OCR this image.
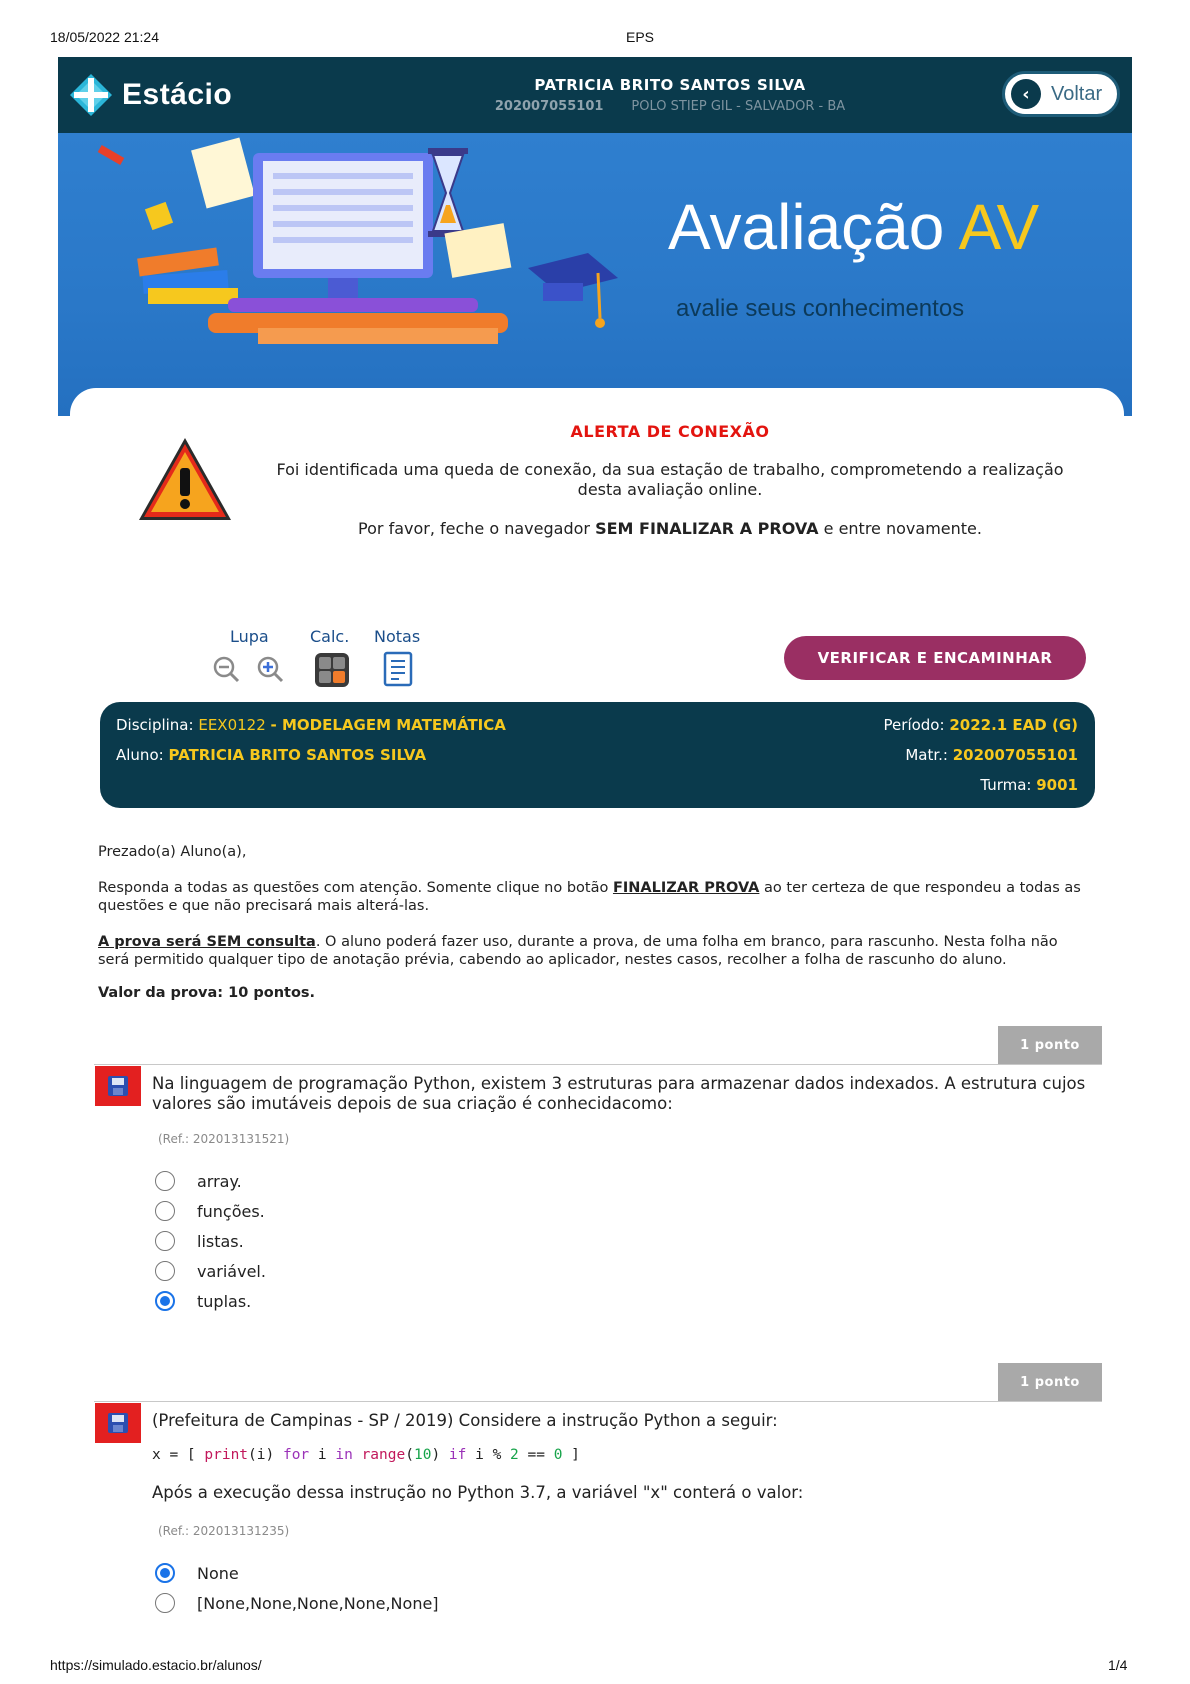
18/05/2022 21:24	EPS
https://simulado.estacio.br/alunos/	1/4
Estácio	PATRICIA BRITO SANTOS SILVA
202007055101 POLO STIEP GIL - SALVADOR - BA
‹	Voltar
Avaliação AV
avalie seus conhecimentos
ALERTA DE CONEXÃO
Foi identificada uma queda de conexão, da sua estação de trabalho, comprometendo a realização desta avaliação online.
Por favor, feche o navegador SEM FINALIZAR A PROVA e entre novamente.
Lupa	Calc. Notas
VERIFICAR E ENCAMINHAR
Disciplina: EEX0122 - MODELAGEM MATEMÁTICA
Aluno: PATRICIA BRITO SANTOS SILVA
Período: 2022.1 EAD (G)
Matr.: 202007055101
Turma: 9001
Prezado(a) Aluno(a),
Responda a todas as questões com atenção. Somente clique no botão FINALIZAR PROVA ao ter certeza de que respondeu a todas as questões e que não precisará mais alterá-las.
A prova será SEM consulta. O aluno poderá fazer uso, durante a prova, de uma folha em branco, para rascunho. Nesta folha não será permitido qualquer tipo de anotação prévia, cabendo ao aplicador, nestes casos, recolher a folha de rascunho do aluno.
Valor da prova: 10 pontos.
1 ponto
Na linguagem de programação Python, existem 3 estruturas para armazenar dados indexados. A estrutura cujos valores são imutáveis depois de sua criação é conhecidacomo:
(Ref.: 202013131521)
array.
funções.
listas.
variável.
tuplas.
1 ponto
(Prefeitura de Campinas - SP / 2019) Considere a instrução Python a seguir:
x = [ print(i) for i in range(10) if i % 2 == 0 ]
Após a execução dessa instrução no Python 3.7, a variável "x" conterá o valor:
(Ref.: 202013131235)
None
[None,None,None,None,None]
